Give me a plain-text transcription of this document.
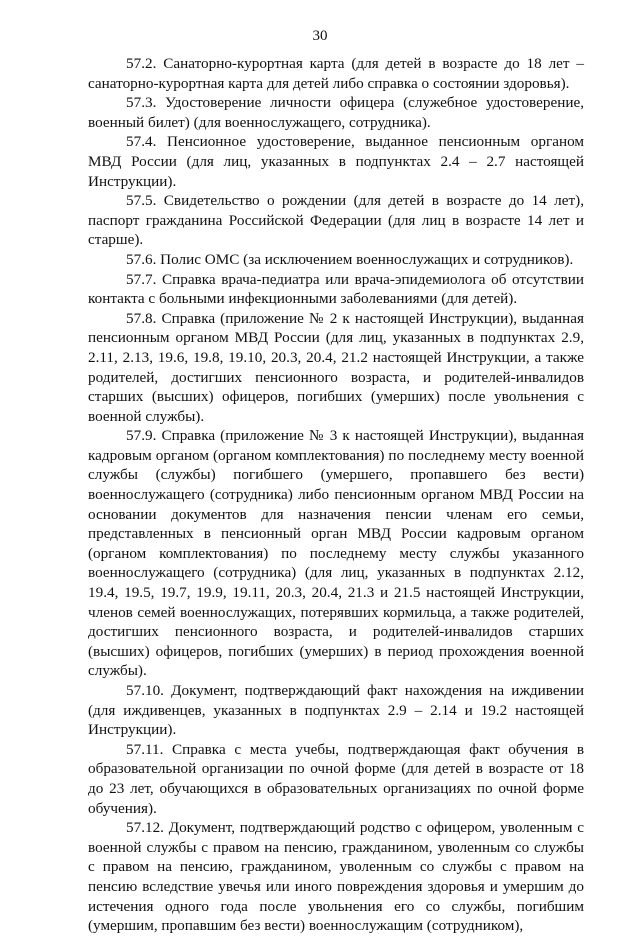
30

57.2. Санаторно-курортная карта (для детей в возрасте до 18 лет – санаторно-курортная карта для детей либо справка о состоянии здоровья).

57.3. Удостоверение личности офицера (служебное удостоверение, военный билет) (для военнослужащего, сотрудника).

57.4. Пенсионное удостоверение, выданное пенсионным органом МВД России (для лиц, указанных в подпунктах 2.4 – 2.7 настоящей Инструкции).

57.5. Свидетельство о рождении (для детей в возрасте до 14 лет), паспорт гражданина Российской Федерации (для лиц в возрасте 14 лет и старше).

57.6. Полис ОМС (за исключением военнослужащих и сотрудников).

57.7. Справка врача-педиатра или врача-эпидемиолога об отсутствии контакта с больными инфекционными заболеваниями (для детей).

57.8. Справка (приложение № 2 к настоящей Инструкции), выданная пенсионным органом МВД России (для лиц, указанных в подпунктах 2.9, 2.11, 2.13, 19.6, 19.8, 19.10, 20.3, 20.4, 21.2 настоящей Инструкции, а также родителей, достигших пенсионного возраста, и родителей-инвалидов старших (высших) офицеров, погибших (умерших) после увольнения с военной службы).

57.9. Справка (приложение № 3 к настоящей Инструкции), выданная кадровым органом (органом комплектования) по последнему месту военной службы (службы) погибшего (умершего, пропавшего без вести) военнослужащего (сотрудника) либо пенсионным органом МВД России на основании документов для назначения пенсии членам его семьи, представленных в пенсионный орган МВД России кадровым органом (органом комплектования) по последнему месту службы указанного военнослужащего (сотрудника) (для лиц, указанных в подпунктах 2.12, 19.4, 19.5, 19.7, 19.9, 19.11, 20.3, 20.4, 21.3 и 21.5 настоящей Инструкции, членов семей военнослужащих, потерявших кормильца, а также родителей, достигших пенсионного возраста, и родителей-инвалидов старших (высших) офицеров, погибших (умерших) в период прохождения военной службы).

57.10. Документ, подтверждающий факт нахождения на иждивении (для иждивенцев, указанных в подпунктах 2.9 – 2.14 и 19.2 настоящей Инструкции).

57.11. Справка с места учебы, подтверждающая факт обучения в образовательной организации по очной форме (для детей в возрасте от 18 до 23 лет, обучающихся в образовательных организациях по очной форме обучения).

57.12. Документ, подтверждающий родство с офицером, уволенным с военной службы с правом на пенсию, гражданином, уволенным со службы с правом на пенсию, гражданином, уволенным со службы с правом на пенсию вследствие увечья или иного повреждения здоровья и умершим до истечения одного года после увольнения его со службы, погибшим (умершим, пропавшим без вести) военнослужащим (сотрудником),
